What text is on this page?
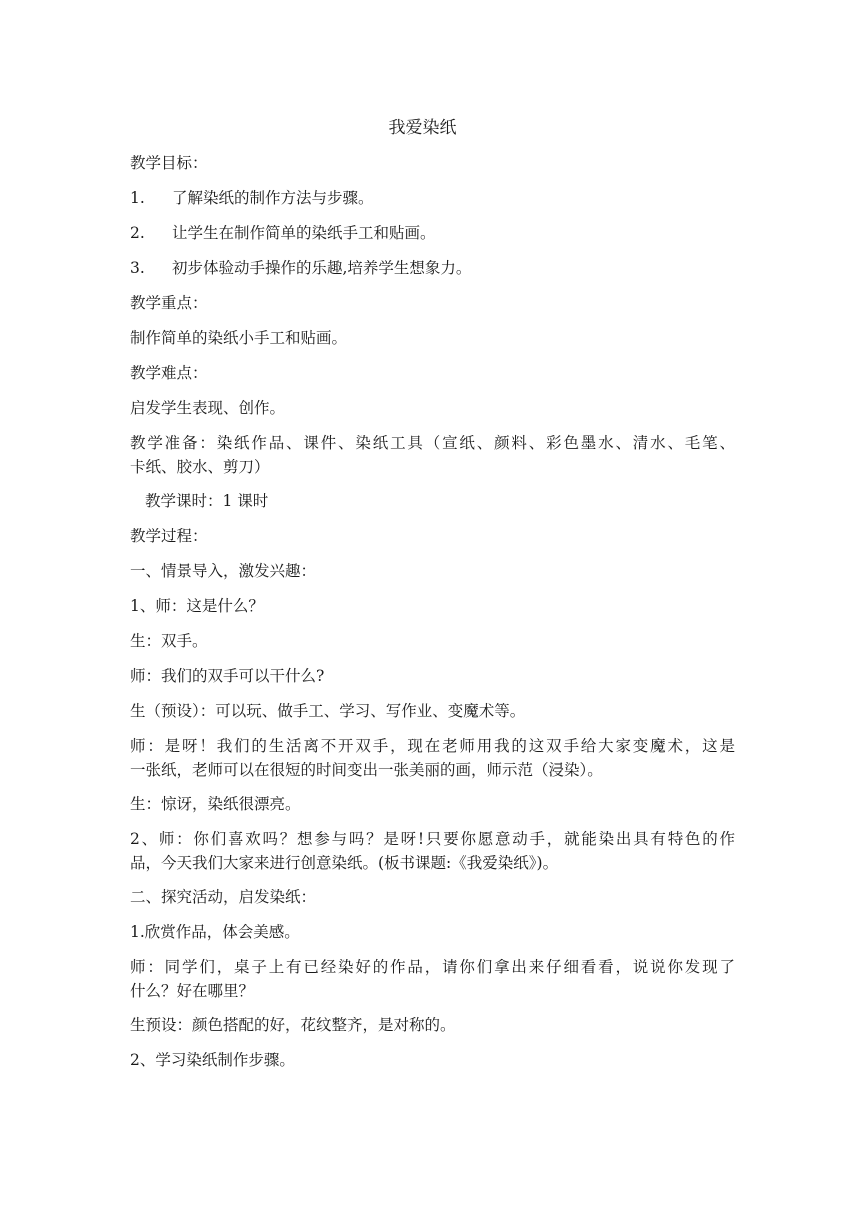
我爱染纸
教学目标：
1. 了解染纸的制作方法与步骤。
2. 让学生在制作简单的染纸手工和贴画。
3. 初步体验动手操作的乐趣,培养学生想象力。
教学重点：
制作简单的染纸小手工和贴画。
教学难点：
启发学生表现、创作。
教学准备：染纸作品、课件、染纸工具（宣纸、颜料、彩色墨水、清水、毛笔、
卡纸、胶水、剪刀）
教学课时：1 课时
教学过程：
一、情景导入，激发兴趣：
1、师：这是什么？
生：双手。
师：我们的双手可以干什么?
生（预设）：可以玩、做手工、学习、写作业、变魔术等。
师：是呀！我们的生活离不开双手，现在老师用我的这双手给大家变魔术，这是
一张纸，老师可以在很短的时间变出一张美丽的画，师示范（浸染）。
生：惊讶，染纸很漂亮。
2、师：你们喜欢吗？想参与吗？是呀!只要你愿意动手，就能染出具有特色的作
品，今天我们大家来进行创意染纸。(板书课题:《我爱染纸》)。
二、探究活动，启发染纸：
1.欣赏作品，体会美感。
师：同学们，桌子上有已经染好的作品，请你们拿出来仔细看看，说说你发现了
什么？好在哪里？
生预设：颜色搭配的好，花纹整齐，是对称的。
2、学习染纸制作步骤。
